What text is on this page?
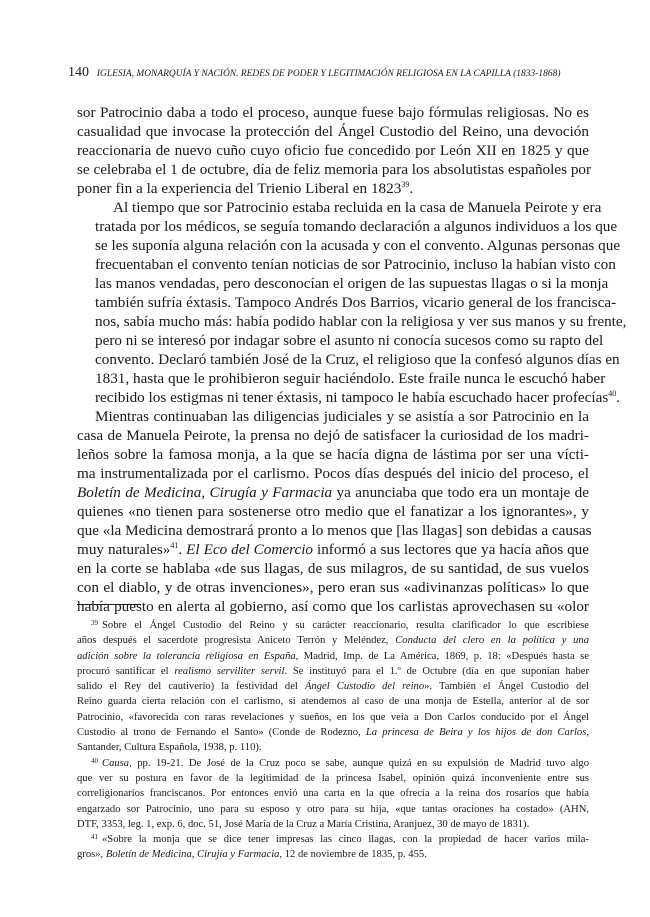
140 IGLESIA, MONARQUÍA Y NACIÓN. REDES DE PODER Y LEGITIMACIÓN RELIGIOSA EN LA CAPILLA (1833-1868)

sor Patrocinio daba a todo el proceso, aunque fuese bajo fórmulas religiosas. No es
casualidad que invocase la protección del Ángel Custodio del Reino, una devoción
reaccionaria de nuevo cuño cuyo oficio fue concedido por León XII en 1825 y que
se celebraba el 1 de octubre, día de feliz memoria para los absolutistas españoles por
poner fin a la experiencia del Trienio Liberal en 1823$^{39}$.

Al tiempo que sor Patrocinio estaba recluida en la casa de Manuela Peirote y era
tratada por los médicos, se seguía tomando declaración a algunos individuos a los que
se les suponía alguna relación con la acusada y con el convento. Algunas personas que
frecuentaban el convento tenían noticias de sor Patrocinio, incluso la habían visto con
las manos vendadas, pero desconocían el origen de las supuestas llagas o si la monja
también sufría éxtasis. Tampoco Andrés Dos Barrios, vicario general de los francisca-
nos, sabía mucho más: había podido hablar con la religiosa y ver sus manos y su frente,
pero ni se interesó por indagar sobre el asunto ni conocía sucesos como su rapto del
convento. Declaró también José de la Cruz, el religioso que la confesó algunos días en
1831, hasta que le prohibieron seguir haciéndolo. Este fraile nunca le escuchó haber
recibido los estigmas ni tener éxtasis, ni tampoco le había escuchado hacer profecías$^{40}$.

Mientras continuaban las diligencias judiciales y se asistía a sor Patrocinio en la
casa de Manuela Peirote, la prensa no dejó de satisfacer la curiosidad de los madri-
leños sobre la famosa monja, a la que se hacía digna de lástima por ser una vícti-
ma instrumentalizada por el carlismo. Pocos días después del inicio del proceso, el
Boletín de Medicina, Cirugía y Farmacia ya anunciaba que todo era un montaje de
quienes «no tienen para sostenerse otro medio que el fanatizar a los ignorantes», y
que «la Medicina demostrará pronto a lo menos que [las llagas] son debidas a causas
muy naturales»$^{41}$. El Eco del Comercio informó a sus lectores que ya hacía años que
en la corte se hablaba «de sus llagas, de sus milagros, de su santidad, de sus vuelos
con el diablo, y de otras invenciones», pero eran sus «adivinanzas políticas» lo que
había puesto en alerta al gobierno, así como que los carlistas aprovechasen su «olor

$^{39}$ Sobre el Ángel Custodio del Reino y su carácter reaccionario, resulta clarificador lo que escribiese
años después el sacerdote progresista Aniceto Terrón y Meléndez, Conducta del clero en la política y una
adición sobre la tolerancia religiosa en España, Madrid, Imp. de La América, 1869, p. 18: «Después hasta se
procuró santificar el realismo serviliter servil. Se instituyó para el 1.º de Octubre (día en que suponían haber
salido el Rey del cautiverio) la festividad del Ángel Custodio del reino». También el Ángel Custodio del
Reino guarda cierta relación con el carlismo, si atendemos al caso de una monja de Estella, anterior al de sor
Patrocinio, «favorecida con raras revelaciones y sueños, en los que veía a Don Carlos conducido por el Ángel
Custodio al trono de Fernando el Santo» (Conde de Rodezno, La princesa de Beira y los hijos de don Carlos,
Santander, Cultura Española, 1938, p. 110).

$^{40}$ Causa, pp. 19-21. De José de la Cruz poco se sabe, aunque quizá en su expulsión de Madrid tuvo algo
que ver su postura en favor de la legitimidad de la princesa Isabel, opinión quizá inconveniente entre sus
correligionarios franciscanos. Por entonces envió una carta en la que ofrecía a la reina dos rosarios que había
engarzado sor Patrocinio, uno para su esposo y otro para su hija, «que tantas oraciones ha costado» (AHN,
DTF, 3353, leg. 1, exp. 6, doc. 51, José María de la Cruz a María Cristina, Aranjuez, 30 de mayo de 1831).

$^{41}$ «Sobre la monja que se dice tener impresas las cinco llagas, con la propiedad de hacer varios mila-
gros», Boletín de Medicina, Cirujía y Farmacia, 12 de noviembre de 1835, p. 455.
